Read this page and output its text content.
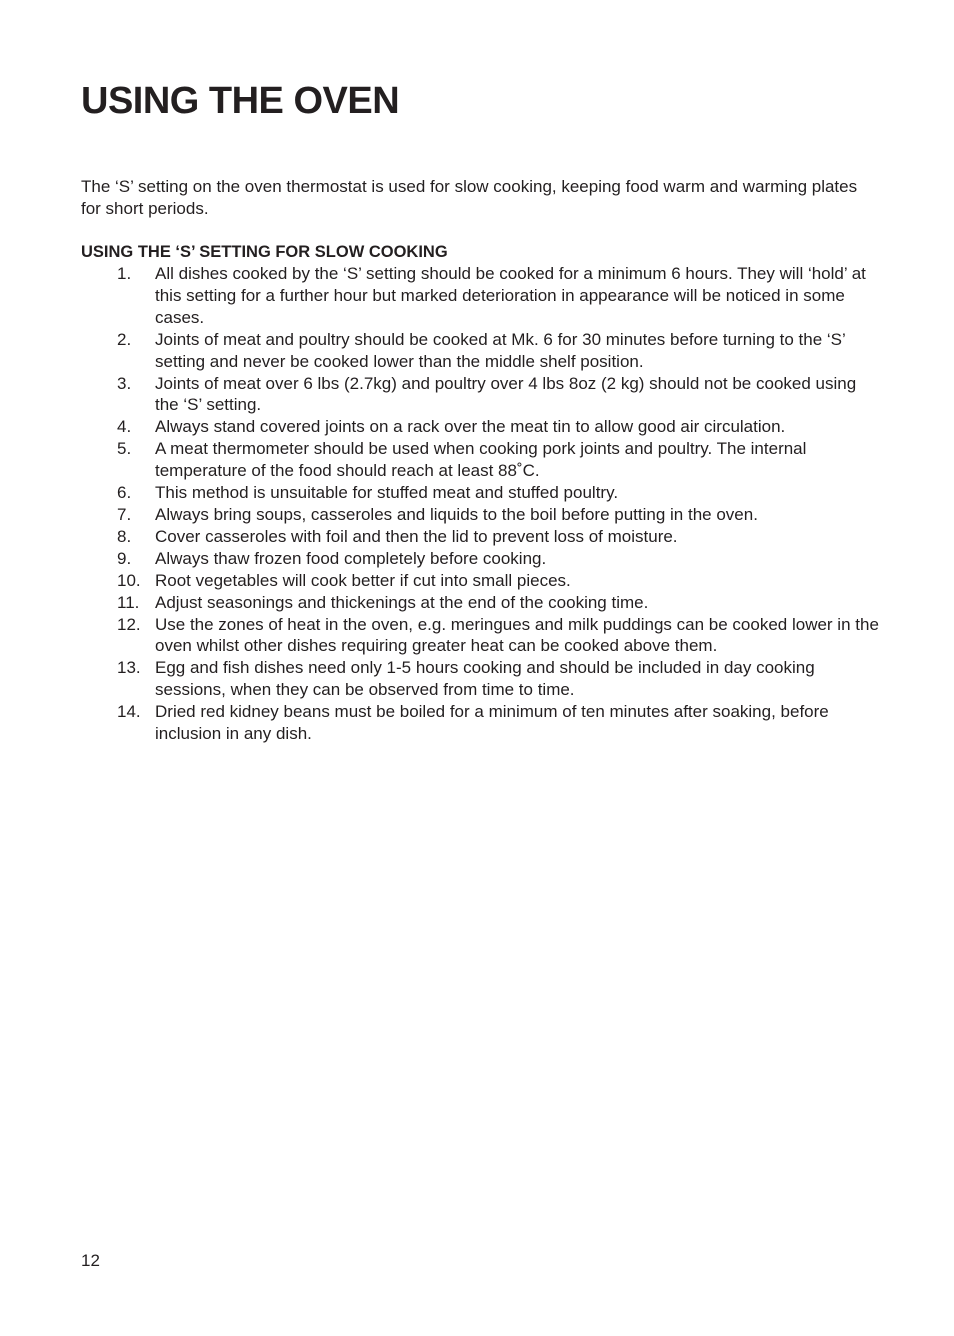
USING THE OVEN

The ‘S’ setting on the oven thermostat is used for slow cooking, keeping food warm and warming plates for short periods.

USING THE ‘S’ SETTING FOR SLOW COOKING
1.	All dishes cooked by the ‘S’ setting should be cooked for a minimum 6 hours. They will ‘hold’ at this setting for a further hour but marked deterioration in appearance will be noticed in some cases.
2.	Joints of meat and poultry should be cooked at Mk. 6 for 30 minutes before turning to the ‘S’ setting and never be cooked lower than the middle shelf position.
3.	Joints of meat over 6 lbs (2.7kg) and poultry over 4 lbs 8oz (2 kg) should not be cooked using the ‘S’ setting.
4.	Always stand covered joints on a rack over the meat tin to allow good air circulation.
5.	A meat thermometer should be used when cooking pork joints and poultry. The internal temperature of the food should reach at least 88˚C.
6.	This method is unsuitable for stuffed meat and stuffed poultry.
7.	Always bring soups, casseroles and liquids to the boil before putting in the oven.
8.	Cover casseroles with foil and then the lid to prevent loss of moisture.
9.	Always thaw frozen food completely before cooking.
10. Root vegetables will cook better if cut into small pieces.
11. Adjust seasonings and thickenings at the end of the cooking time.
12. Use the zones of heat in the oven, e.g. meringues and milk puddings can be cooked lower in the oven whilst other dishes requiring greater heat can be cooked above them.
13. Egg and fish dishes need only 1-5 hours cooking and should be included in day cooking sessions, when they can be observed from time to time.
14. Dried red kidney beans must be boiled for a minimum of ten minutes after soaking, before inclusion in any dish.
12
